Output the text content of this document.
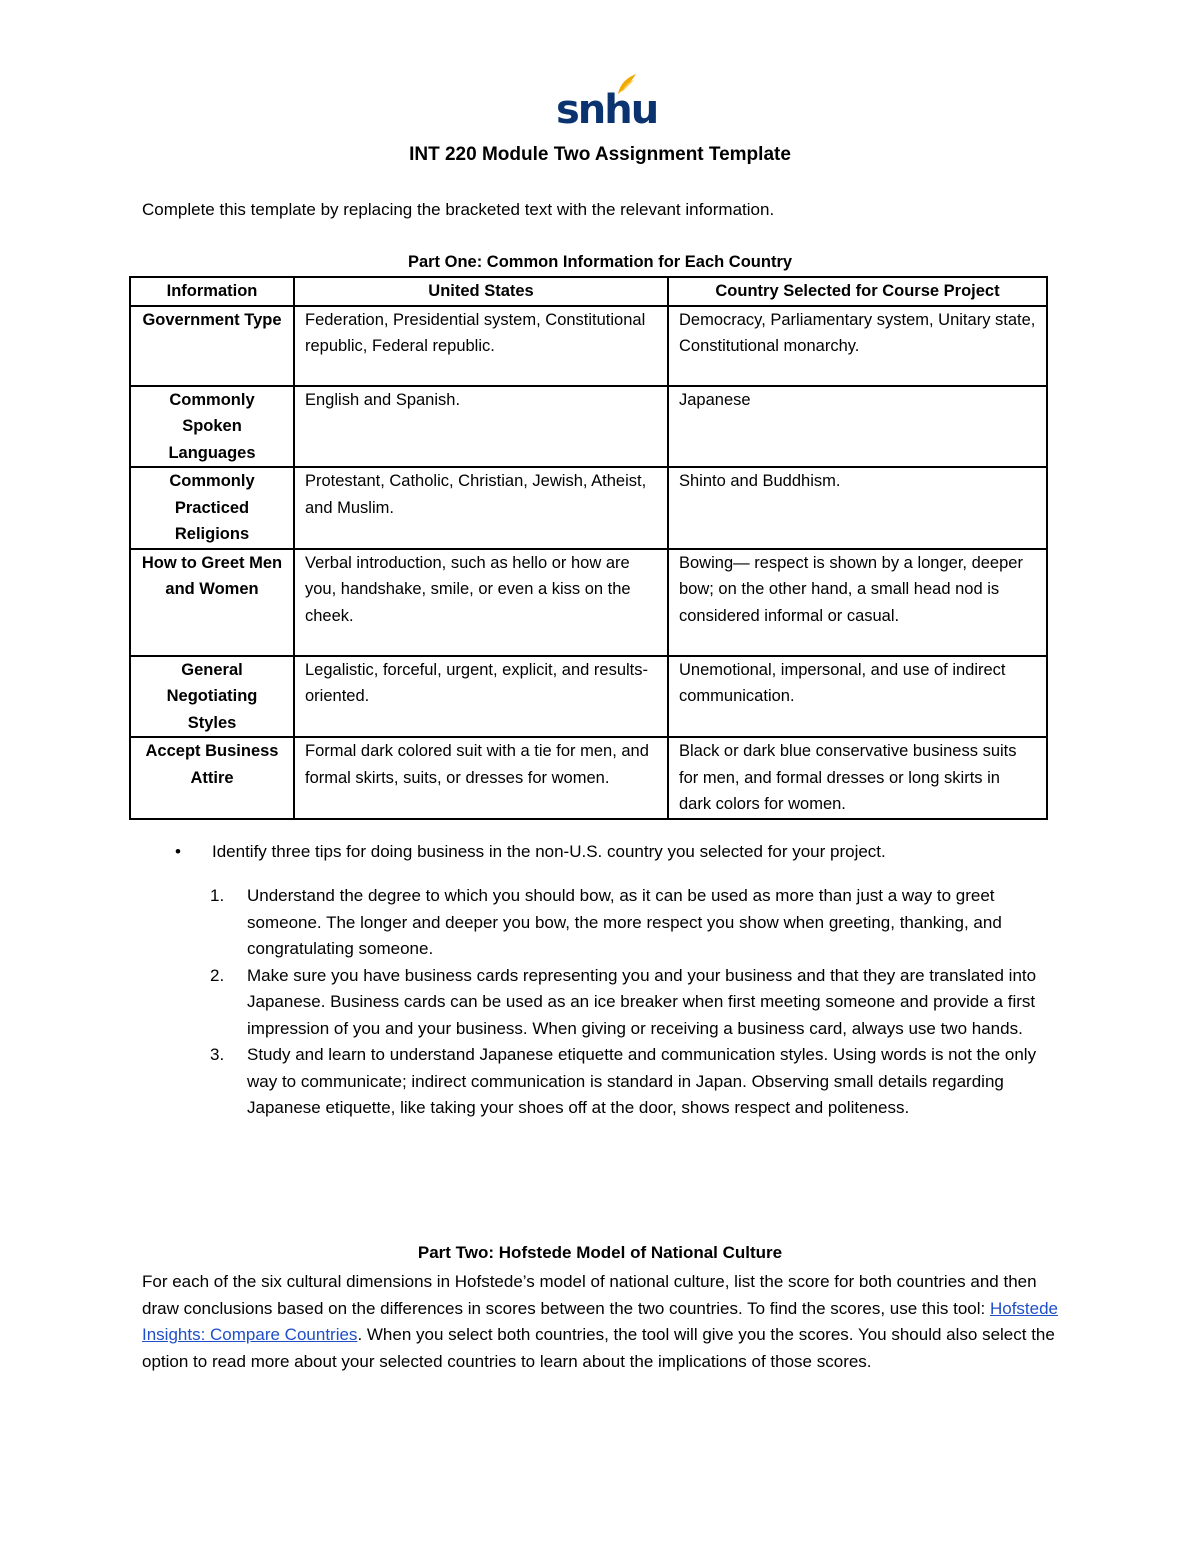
snhu
INT 220 Module Two Assignment Template
Complete this template by replacing the bracketed text with the relevant information.
Part One: Common Information for Each Country
Information	United States	Country Selected for Course Project
Government Type	Federation, Presidential system, Constitutional republic, Federal republic.	Democracy, Parliamentary system, Unitary state, Constitutional monarchy.
Commonly Spoken Languages	English and Spanish.	Japanese
Commonly Practiced Religions	Protestant, Catholic, Christian, Jewish, Atheist, and Muslim.	Shinto and Buddhism.
How to Greet Men and Women	Verbal introduction, such as hello or how are you, handshake, smile, or even a kiss on the cheek.	Bowing— respect is shown by a longer, deeper bow; on the other hand, a small head nod is considered informal or casual.
General Negotiating Styles	Legalistic, forceful, urgent, explicit, and results-oriented.	Unemotional, impersonal, and use of indirect communication.
Accept Business Attire	Formal dark colored suit with a tie for men, and formal skirts, suits, or dresses for women.	Black or dark blue conservative business suits for men, and formal dresses or long skirts in dark colors for women.
• Identify three tips for doing business in the non-U.S. country you selected for your project.
1. Understand the degree to which you should bow, as it can be used as more than just a way to greet someone. The longer and deeper you bow, the more respect you show when greeting, thanking, and congratulating someone.
2. Make sure you have business cards representing you and your business and that they are translated into Japanese. Business cards can be used as an ice breaker when first meeting someone and provide a first impression of you and your business. When giving or receiving a business card, always use two hands.
3. Study and learn to understand Japanese etiquette and communication styles. Using words is not the only way to communicate; indirect communication is standard in Japan. Observing small details regarding Japanese etiquette, like taking your shoes off at the door, shows respect and politeness.
Part Two: Hofstede Model of National Culture
For each of the six cultural dimensions in Hofstede’s model of national culture, list the score for both countries and then draw conclusions based on the differences in scores between the two countries. To find the scores, use this tool: Hofstede Insights: Compare Countries. When you select both countries, the tool will give you the scores. You should also select the option to read more about your selected countries to learn about the implications of those scores.
